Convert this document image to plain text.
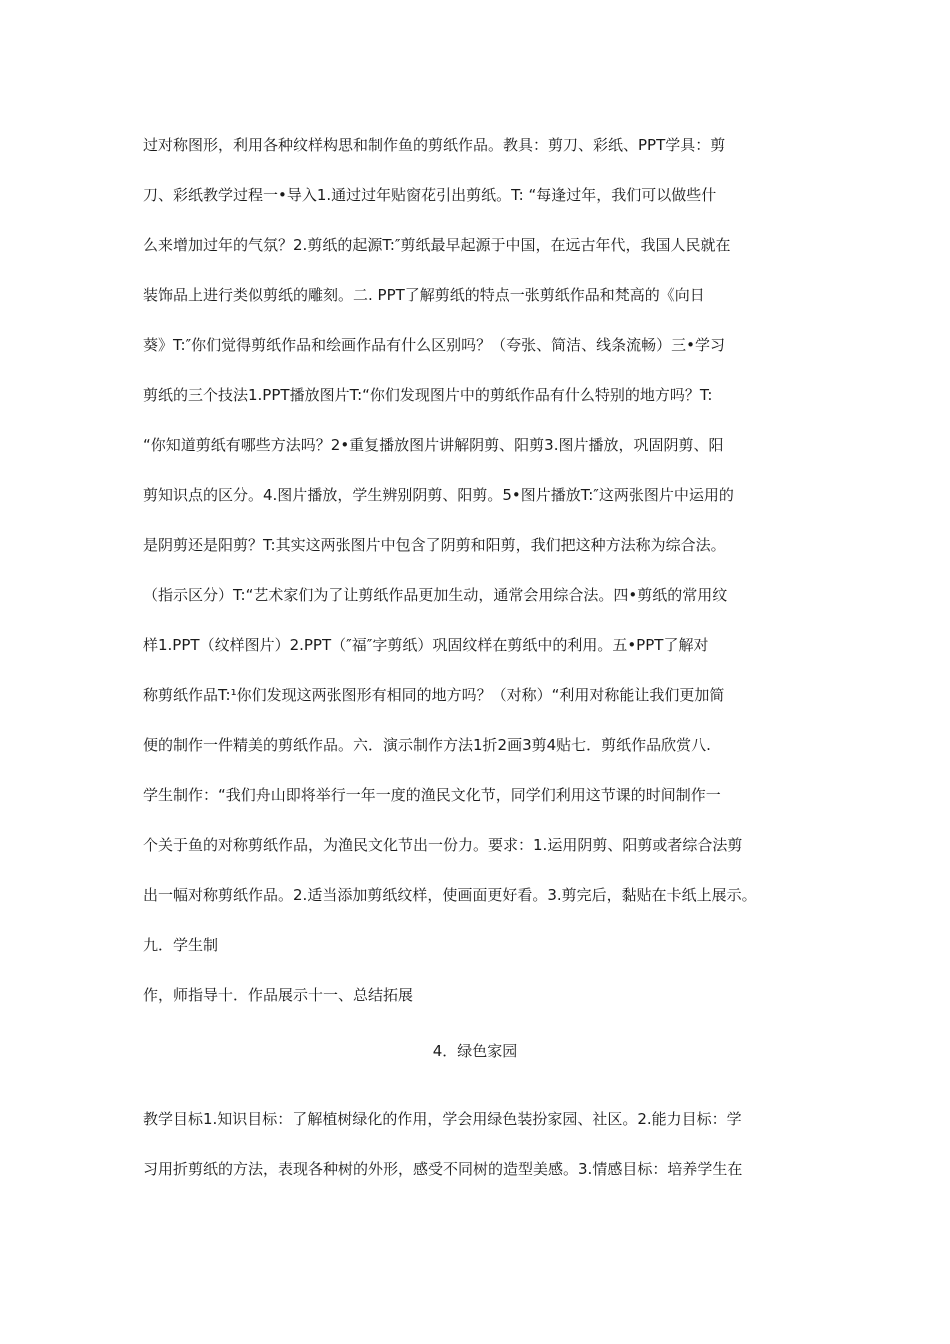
过对称图形，利用各种纹样构思和制作鱼的剪纸作品。教具：剪刀、彩纸、PPT学具：剪
刀、彩纸教学过程一•导入1.通过过年贴窗花引出剪纸。T: “每逢过年，我们可以做些什
么来增加过年的气氛？2.剪纸的起源T:″剪纸最早起源于中国，在远古年代，我国人民就在
装饰品上进行类似剪纸的雕刻。二. PPT了解剪纸的特点一张剪纸作品和梵高的《向日
葵》T:″你们觉得剪纸作品和绘画作品有什么区别吗？（夸张、简洁、线条流畅）三•学习
剪纸的三个技法1.PPT播放图片T:“你们发现图片中的剪纸作品有什么特别的地方吗？T:
“你知道剪纸有哪些方法吗？2•重复播放图片讲解阴剪、阳剪3.图片播放，巩固阴剪、阳
剪知识点的区分。4.图片播放，学生辨别阴剪、阳剪。5•图片播放T:″这两张图片中运用的
是阴剪还是阳剪？T:其实这两张图片中包含了阴剪和阳剪，我们把这种方法称为综合法。
（指示区分）T:“艺术家们为了让剪纸作品更加生动，通常会用综合法。四•剪纸的常用纹
样1.PPT（纹样图片）2.PPT（″福″字剪纸）巩固纹样在剪纸中的利用。五•PPT了解对
称剪纸作品T:¹你们发现这两张图形有相同的地方吗？（对称）“利用对称能让我们更加简
便的制作一件精美的剪纸作品。六．演示制作方法1折2画3剪4贴七．剪纸作品欣赏八.
学生制作：“我们舟山即将举行一年一度的渔民文化节，同学们利用这节课的时间制作一
个关于鱼的对称剪纸作品，为渔民文化节出一份力。要求：1.运用阴剪、阳剪或者综合法剪
出一幅对称剪纸作品。2.适当添加剪纸纹样，使画面更好看。3.剪完后，黏贴在卡纸上展示。
九．学生制
作，师指导十．作品展示十一、总结拓展
4．绿色家园
教学目标1.知识目标：了解植树绿化的作用，学会用绿色装扮家园、社区。2.能力目标：学
习用折剪纸的方法，表现各种树的外形，感受不同树的造型美感。3.情感目标：培养学生在
